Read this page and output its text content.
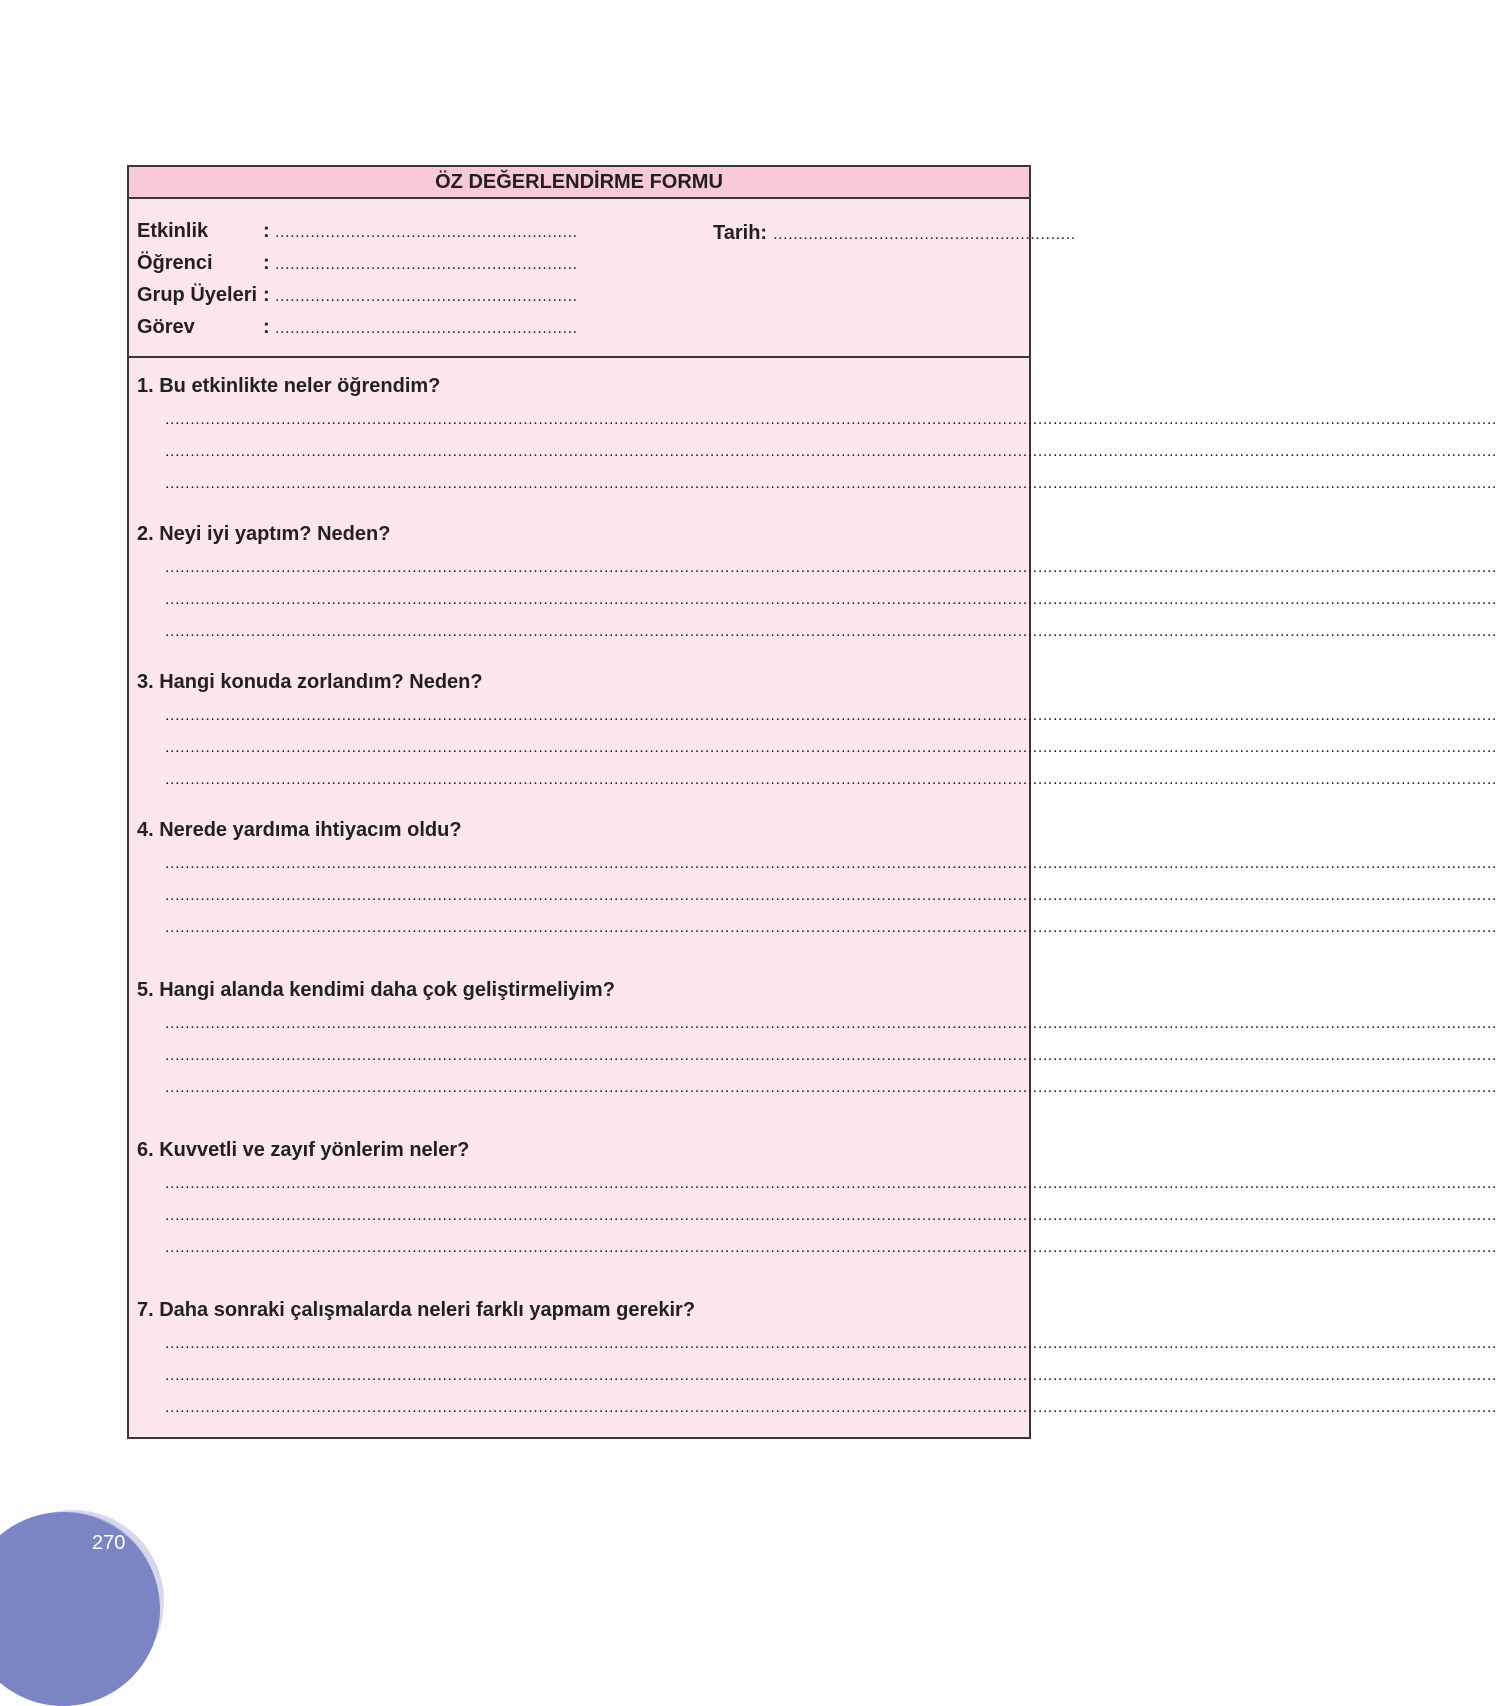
ÖZ DEĞERLENDİRME FORMU
Etkinlik	: ............................................................
Öğrenci	: ............................................................
Grup Üyeleri : ............................................................
Görev	: ............................................................
Tarih: ............................................................
1. Bu etkinlikte neler öğrendim?
........................................................................................................................................................................................................................................................................
........................................................................................................................................................................................................................................................................
........................................................................................................................................................................................................................................................................
2. Neyi iyi yaptım? Neden?
........................................................................................................................................................................................................................................................................
........................................................................................................................................................................................................................................................................
........................................................................................................................................................................................................................................................................
3. Hangi konuda zorlandım? Neden?
........................................................................................................................................................................................................................................................................
........................................................................................................................................................................................................................................................................
........................................................................................................................................................................................................................................................................
4. Nerede yardıma ihtiyacım oldu?
........................................................................................................................................................................................................................................................................
........................................................................................................................................................................................................................................................................
........................................................................................................................................................................................................................................................................
5. Hangi alanda kendimi daha çok geliştirmeliyim?
........................................................................................................................................................................................................................................................................
........................................................................................................................................................................................................................................................................
........................................................................................................................................................................................................................................................................
6. Kuvvetli ve zayıf yönlerim neler?
........................................................................................................................................................................................................................................................................
........................................................................................................................................................................................................................................................................
........................................................................................................................................................................................................................................................................
7. Daha sonraki çalışmalarda neleri farklı yapmam gerekir?
........................................................................................................................................................................................................................................................................
........................................................................................................................................................................................................................................................................
........................................................................................................................................................................................................................................................................
270
